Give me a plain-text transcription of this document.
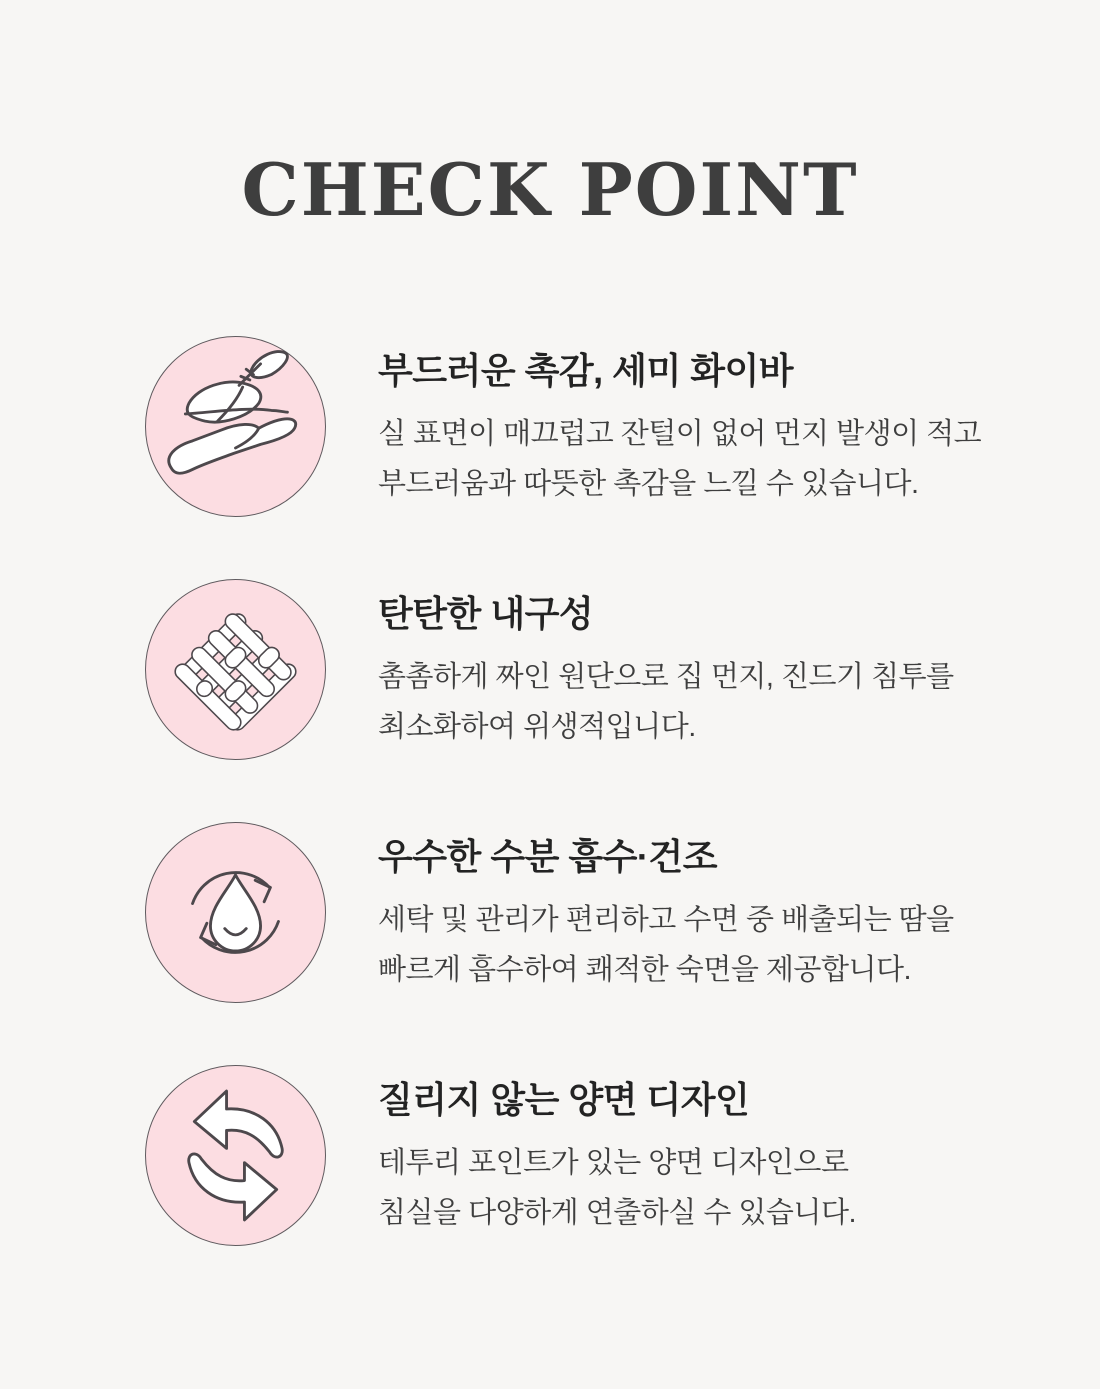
CHECK POINT
부드러운 촉감, 세미 화이바
실 표면이 매끄럽고 잔털이 없어 먼지 발생이 적고
부드러움과 따뜻한 촉감을 느낄 수 있습니다.
탄탄한 내구성
촘촘하게 짜인 원단으로 집 먼지, 진드기 침투를
최소화하여 위생적입니다.
우수한 수분 흡수·건조
세탁 및 관리가 편리하고 수면 중 배출되는 땀을
빠르게 흡수하여 쾌적한 숙면을 제공합니다.
질리지 않는 양면 디자인
테투리 포인트가 있는 양면 디자인으로
침실을 다양하게 연출하실 수 있습니다.
